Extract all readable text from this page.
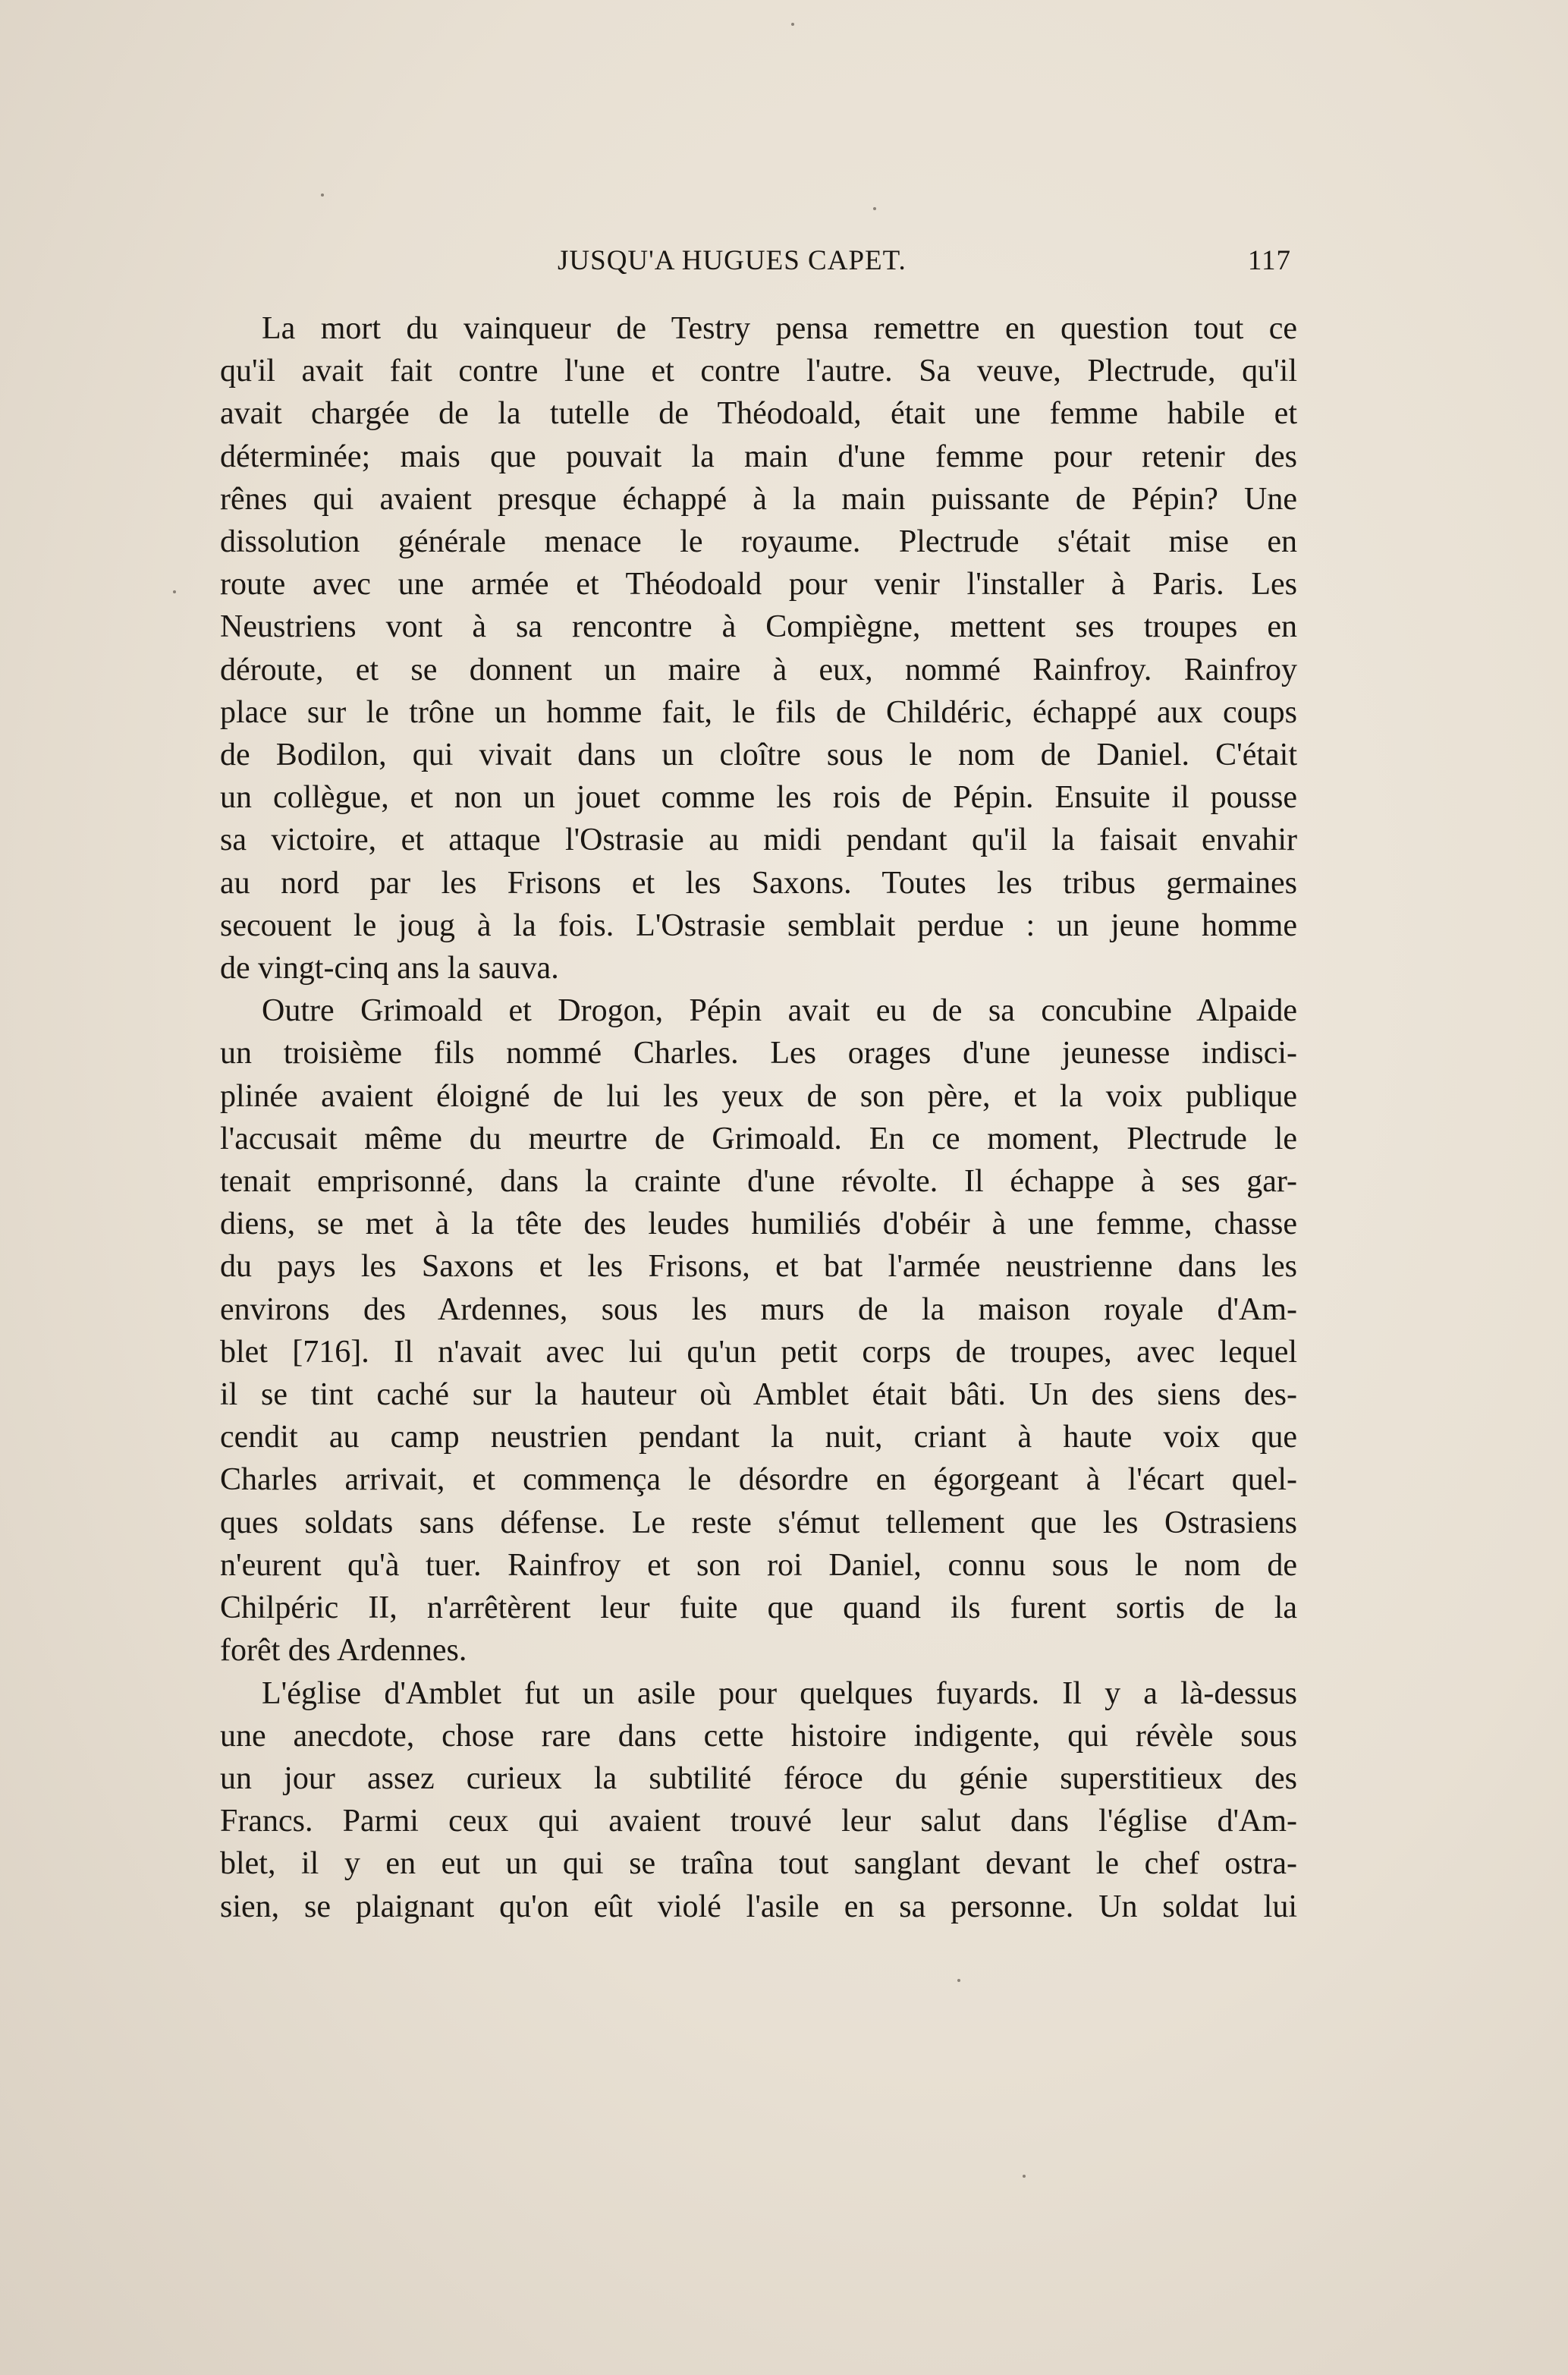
JUSQU'A HUGUES CAPET.	117
La mort du vainqueur de Testry pensa remettre en question tout ce
qu'il avait fait contre l'une et contre l'autre. Sa veuve, Plectrude, qu'il
avait chargée de la tutelle de Théodoald, était une femme habile et
déterminée; mais que pouvait la main d'une femme pour retenir des
rênes qui avaient presque échappé à la main puissante de Pépin? Une
dissolution générale menace le royaume. Plectrude s'était mise en
route avec une armée et Théodoald pour venir l'installer à Paris. Les
Neustriens vont à sa rencontre à Compiègne, mettent ses troupes en
déroute, et se donnent un maire à eux, nommé Rainfroy. Rainfroy
place sur le trône un homme fait, le fils de Childéric, échappé aux coups
de Bodilon, qui vivait dans un cloître sous le nom de Daniel. C'était
un collègue, et non un jouet comme les rois de Pépin. Ensuite il pousse
sa victoire, et attaque l'Ostrasie au midi pendant qu'il la faisait envahir
au nord par les Frisons et les Saxons. Toutes les tribus germaines
secouent le joug à la fois. L'Ostrasie semblait perdue : un jeune homme
de vingt-cinq ans la sauva.
Outre Grimoald et Drogon, Pépin avait eu de sa concubine Alpaide
un troisième fils nommé Charles. Les orages d'une jeunesse indisci-
plinée avaient éloigné de lui les yeux de son père, et la voix publique
l'accusait même du meurtre de Grimoald. En ce moment, Plectrude le
tenait emprisonné, dans la crainte d'une révolte. Il échappe à ses gar-
diens, se met à la tête des leudes humiliés d'obéir à une femme, chasse
du pays les Saxons et les Frisons, et bat l'armée neustrienne dans les
environs des Ardennes, sous les murs de la maison royale d'Am-
blet [716]. Il n'avait avec lui qu'un petit corps de troupes, avec lequel
il se tint caché sur la hauteur où Amblet était bâti. Un des siens des-
cendit au camp neustrien pendant la nuit, criant à haute voix que
Charles arrivait, et commença le désordre en égorgeant à l'écart quel-
ques soldats sans défense. Le reste s'émut tellement que les Ostrasiens
n'eurent qu'à tuer. Rainfroy et son roi Daniel, connu sous le nom de
Chilpéric II, n'arrêtèrent leur fuite que quand ils furent sortis de la
forêt des Ardennes.
L'église d'Amblet fut un asile pour quelques fuyards. Il y a là-dessus
une anecdote, chose rare dans cette histoire indigente, qui révèle sous
un jour assez curieux la subtilité féroce du génie superstitieux des
Francs. Parmi ceux qui avaient trouvé leur salut dans l'église d'Am-
blet, il y en eut un qui se traîna tout sanglant devant le chef ostra-
sien, se plaignant qu'on eût violé l'asile en sa personne. Un soldat lui
